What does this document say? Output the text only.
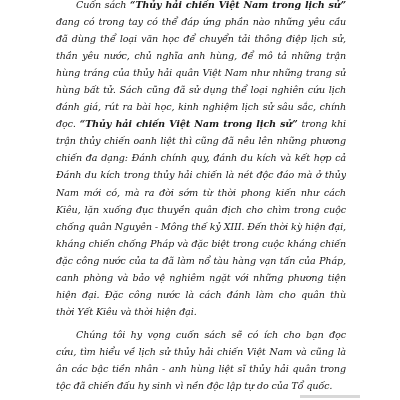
Cuốn sách “Thủy hải chiến Việt Nam trong lịch sử”
đang có trong tay có thể đáp ứng phần nào những yêu cầu
đã dùng thể loại văn học để chuyển tải thông điệp lịch sử,
thần yêu nước, chủ nghĩa anh hùng, để mô tả những trận
hùng tráng của thủy hải quân Việt Nam như những trang sử
hùng bất tử. Sách cũng đã sử dụng thể loại nghiên cứu lịch
đánh giá, rút ra bài học, kinh nghiệm lịch sử sâu sắc, chính
đọc. “Thủy hải chiến Việt Nam trong lịch sử” trong khi
trận thủy chiến oanh liệt thì cũng đã nêu lên những phương
chiến đa dạng: Đánh chính quy, đánh du kích và kết hợp cả
Đánh du kích trong thủy hải chiến là nét độc đáo mà ở thủy
Nam mới có, mà ra đời sớm từ thời phong kiến như cách
Kiêu, lặn xuống đục thuyền quân địch cho chìm trong cuộc
chống quân Nguyên - Mông thế kỷ XIII. Đến thời kỳ hiện đại,
kháng chiến chống Pháp và đặc biệt trong cuộc kháng chiến
đặc công nước của ta đã làm nổ tàu hàng vạn tấn của Pháp,
canh phòng và bảo vệ nghiêm ngặt với những phương tiện
hiện đại. Đặc công nước là cách đánh làm cho quân thù
thời Yết Kiêu và thời hiện đại.
Chúng tôi hy vọng cuốn sách sẽ có ích cho bạn đọc
cứu, tìm hiểu về lịch sử thủy hải chiến Việt Nam và cũng là
ân các bậc tiền nhân - anh hùng liệt sĩ thủy hải quân trong
tộc đã chiến đấu hy sinh vì nền độc lập tự do của Tổ quốc.
